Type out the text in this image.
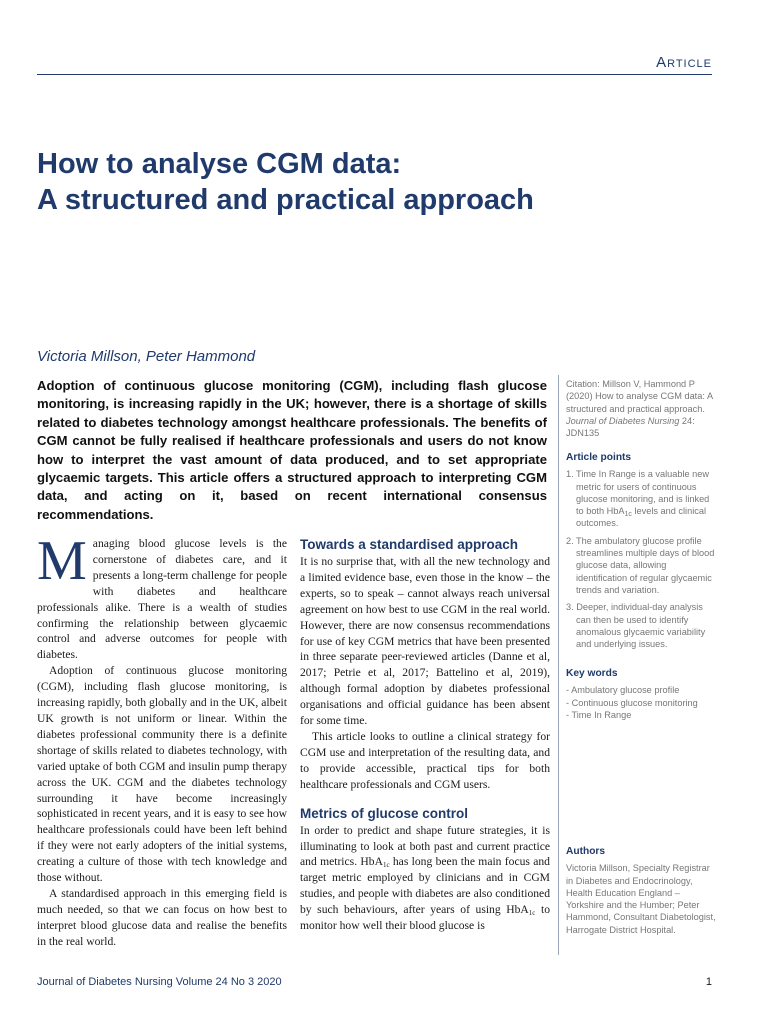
Article
How to analyse CGM data:
A structured and practical approach
Victoria Millson, Peter Hammond
Adoption of continuous glucose monitoring (CGM), including flash glucose monitoring, is increasing rapidly in the UK; however, there is a shortage of skills related to diabetes technology amongst healthcare professionals. The benefits of CGM cannot be fully realised if healthcare professionals and users do not know how to interpret the vast amount of data produced, and to set appropriate glycaemic targets. This article offers a structured approach to interpreting CGM data, and acting on it, based on recent international consensus recommendations.

Managing blood glucose levels is the cornerstone of diabetes care, and it presents a long-term challenge for people with diabetes and healthcare professionals alike. There is a wealth of studies confirming the relationship between glycaemic control and adverse outcomes for people with diabetes.

Adoption of continuous glucose monitoring (CGM), including flash glucose monitoring, is increasing rapidly, both globally and in the UK, albeit UK growth is not uniform or linear. Within the diabetes professional community there is a definite shortage of skills related to diabetes technology, with varied uptake of both CGM and insulin pump therapy across the UK. CGM and the diabetes technology surrounding it have become increasingly sophisticated in recent years, and it is easy to see how healthcare professionals could have been left behind if they were not early adopters of the initial systems, creating a culture of those with tech knowledge and those without.

A standardised approach in this emerging field is much needed, so that we can focus on how best to interpret blood glucose data and realise the benefits in the real world.

Towards a standardised approach

It is no surprise that, with all the new technology and a limited evidence base, even those in the know – the experts, so to speak – cannot always reach universal agreement on how best to use CGM in the real world. However, there are now consensus recommendations for use of key CGM metrics that have been presented in three separate peer-reviewed articles (Danne et al, 2017; Petrie et al, 2017; Battelino et al, 2019), although formal adoption by diabetes professional organisations and official guidance has been absent for some time.

This article looks to outline a clinical strategy for CGM use and interpretation of the resulting data, and to provide accessible, practical tips for both healthcare professionals and CGM users.

Metrics of glucose control

In order to predict and shape future strategies, it is illuminating to look at both past and current practice and metrics. HbA$_{1c}$ has long been the main focus and target metric employed by clinicians and in CGM studies, and people with diabetes are also conditioned by such behaviours, after years of using HbA$_{1c}$ to monitor how well their blood glucose is

Citation: Millson V, Hammond P (2020) How to analyse CGM data: A structured and practical approach. Journal of Diabetes Nursing 24: JDN135
Article points
1. Time In Range is a valuable new metric for users of continuous glucose monitoring, and is linked to both HbA$_{1c}$ levels and clinical outcomes.
2. The ambulatory glucose profile streamlines multiple days of blood glucose data, allowing identification of regular glycaemic trends and variation.
3. Deeper, individual-day analysis can then be used to identify anomalous glycaemic variability and underlying issues.
Key words
- Ambulatory glucose profile
- Continuous glucose monitoring
- Time In Range
Authors
Victoria Millson, Specialty Registrar in Diabetes and Endocrinology, Health Education England – Yorkshire and the Humber; Peter Hammond, Consultant Diabetologist, Harrogate District Hospital.
Journal of Diabetes Nursing Volume 24 No 3 2020	1
